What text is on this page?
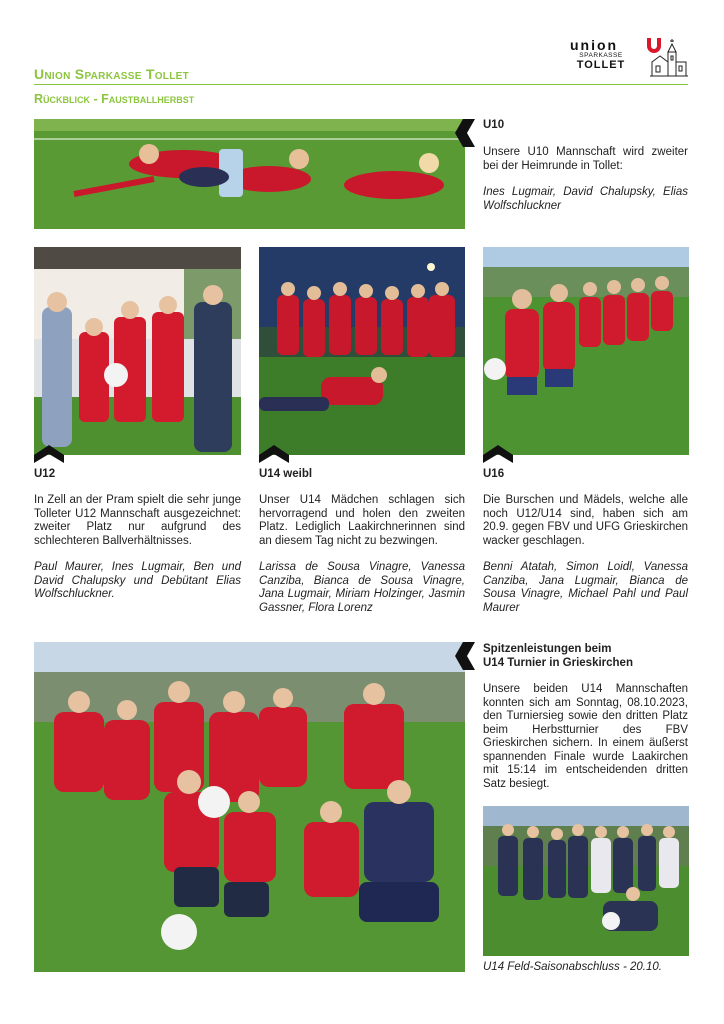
Union Sparkasse Tollet
Rückblick - Faustballherbst
union
SPARKASSE
TOLLET
U10

Unsere U10 Mannschaft wird zweiter bei der Heimrunde in Tollet:

Ines Lugmair, David Chalupsky, Elias Wolfschluckner

U12

In Zell an der Pram spielt die sehr junge Tolleter U12 Mannschaft ausgezeichnet: zweiter Platz nur aufgrund des schlechteren Ballverhältnisses.

Paul Maurer, Ines Lugmair, Ben und David Chalupsky und Debütant Elias Wolfschluckner.

U14 weibl

Unser U14 Mädchen schlagen sich hervorragend und holen den zweiten Platz. Lediglich Laakirchnerinnen sind an diesem Tag nicht zu bezwingen.

Larissa de Sousa Vinagre, Vanessa Canziba, Bianca de Sousa Vinagre, Jana Lugmair, Miriam Holzinger, Jasmin Gassner, Flora Lorenz

U16

Die Burschen und Mädels, welche alle noch U12/U14 sind, haben sich am 20.9. gegen FBV und UFG Grieskirchen wacker geschlagen.

Benni Atatah, Simon Loidl, Vanessa Canziba, Jana Lugmair, Bianca de Sousa Vinagre, Michael Pahl und Paul Maurer

Spitzenleistungen beim
U14 Turnier in Grieskirchen

Unsere beiden U14 Mannschaften konnten sich am Sonntag, 08.10.2023, den Turniersieg sowie den dritten Platz beim Herbstturnier des FBV Grieskirchen sichern. In einem äußerst spannenden Finale wurde Laakirchen mit 15:14 im entscheidenden dritten Satz besiegt.

U14 Feld-Saisonabschluss - 20.10.
